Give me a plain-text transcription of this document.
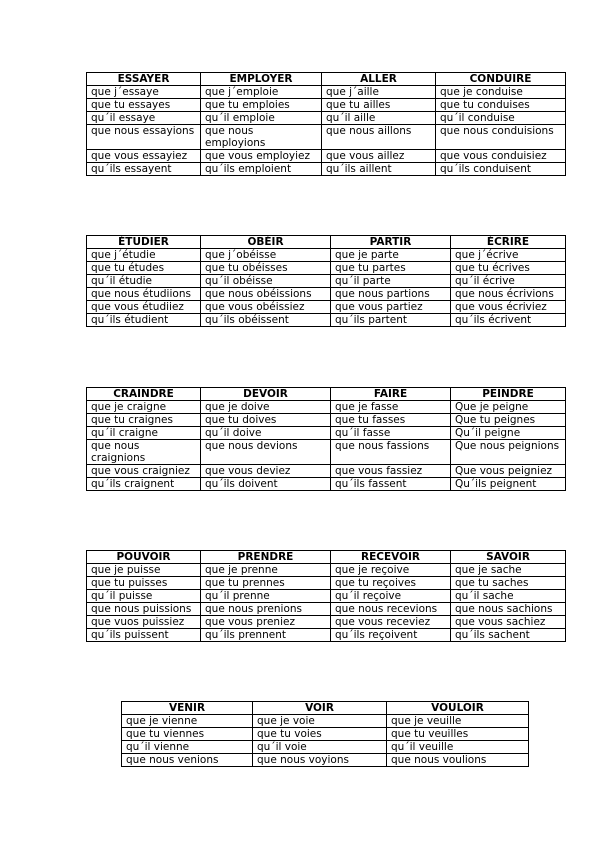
ESSAYER	EMPLOYER	ALLER	CONDUIRE
que j´essaye	que j´emploie	que j´aille	que je conduise
que tu essayes	que tu emploies	que tu ailles	que tu conduises
qu´il essaye	qu´il emploie	qu´il aille	qu´il conduise
que nous essayions	que nous employions	que nous aillons	que nous conduisions
que vous essayiez	que vous employiez	que vous aillez	que vous conduisiez
qu´ils essayent	qu´ils emploient	qu´ils aillent	qu´ils conduisent
ÉTUDIER	OBÉIR	PARTIR	ÉCRIRE
que j´étudie	que j´obéisse	que je parte	que j´écrive
que tu études	que tu obéisses	que tu partes	que tu écrives
qu´il étudie	qu´il obéisse	qu´il parte	qu´il écrive
que nous étudiions	que nous obéissions	que nous partions	que nous écrivions
que vous étudiiez	que vous obéissiez	que vous partiez	que vous écriviez
qu´ils étudient	qu´ils obéissent	qu´ils partent	qu´ils écrivent
CRAINDRE	DEVOIR	FAIRE	PEINDRE
que je craigne	que je doive	que je fasse	Que je peigne
que tu craignes	que tu doives	que tu fasses	Que tu peignes
qu´il craigne	qu´il doive	qu´il fasse	Qu´il peigne
que nous craignions	que nous devions	que nous fassions	Que nous peignions
que vous craigniez	que vous deviez	que vous fassiez	Que vous peigniez
qu´ils craignent	qu´ils doivent	qu´ils fassent	Qu´ils peignent
POUVOIR	PRENDRE	RECEVOIR	SAVOIR
que je puisse	que je prenne	que je reçoive	que je sache
que tu puisses	que tu prennes	que tu reçoives	que tu saches
qu´il puisse	qu´il prenne	qu´il reçoive	qu´il sache
que nous puissions	que nous prenions	que nous recevions	que nous sachions
que vuos puissiez	que vous preniez	que vous receviez	que vous sachiez
qu´ils puissent	qu´ils prennent	qu´ils reçoivent	qu´ils sachent
VENIR	VOIR	VOULOIR
que je vienne	que je voie	que je veuille
que tu viennes	que tu voies	que tu veuilles
qu´il vienne	qu´il voie	qu´il veuille
que nous venions	que nous voyions	que nous voulions
